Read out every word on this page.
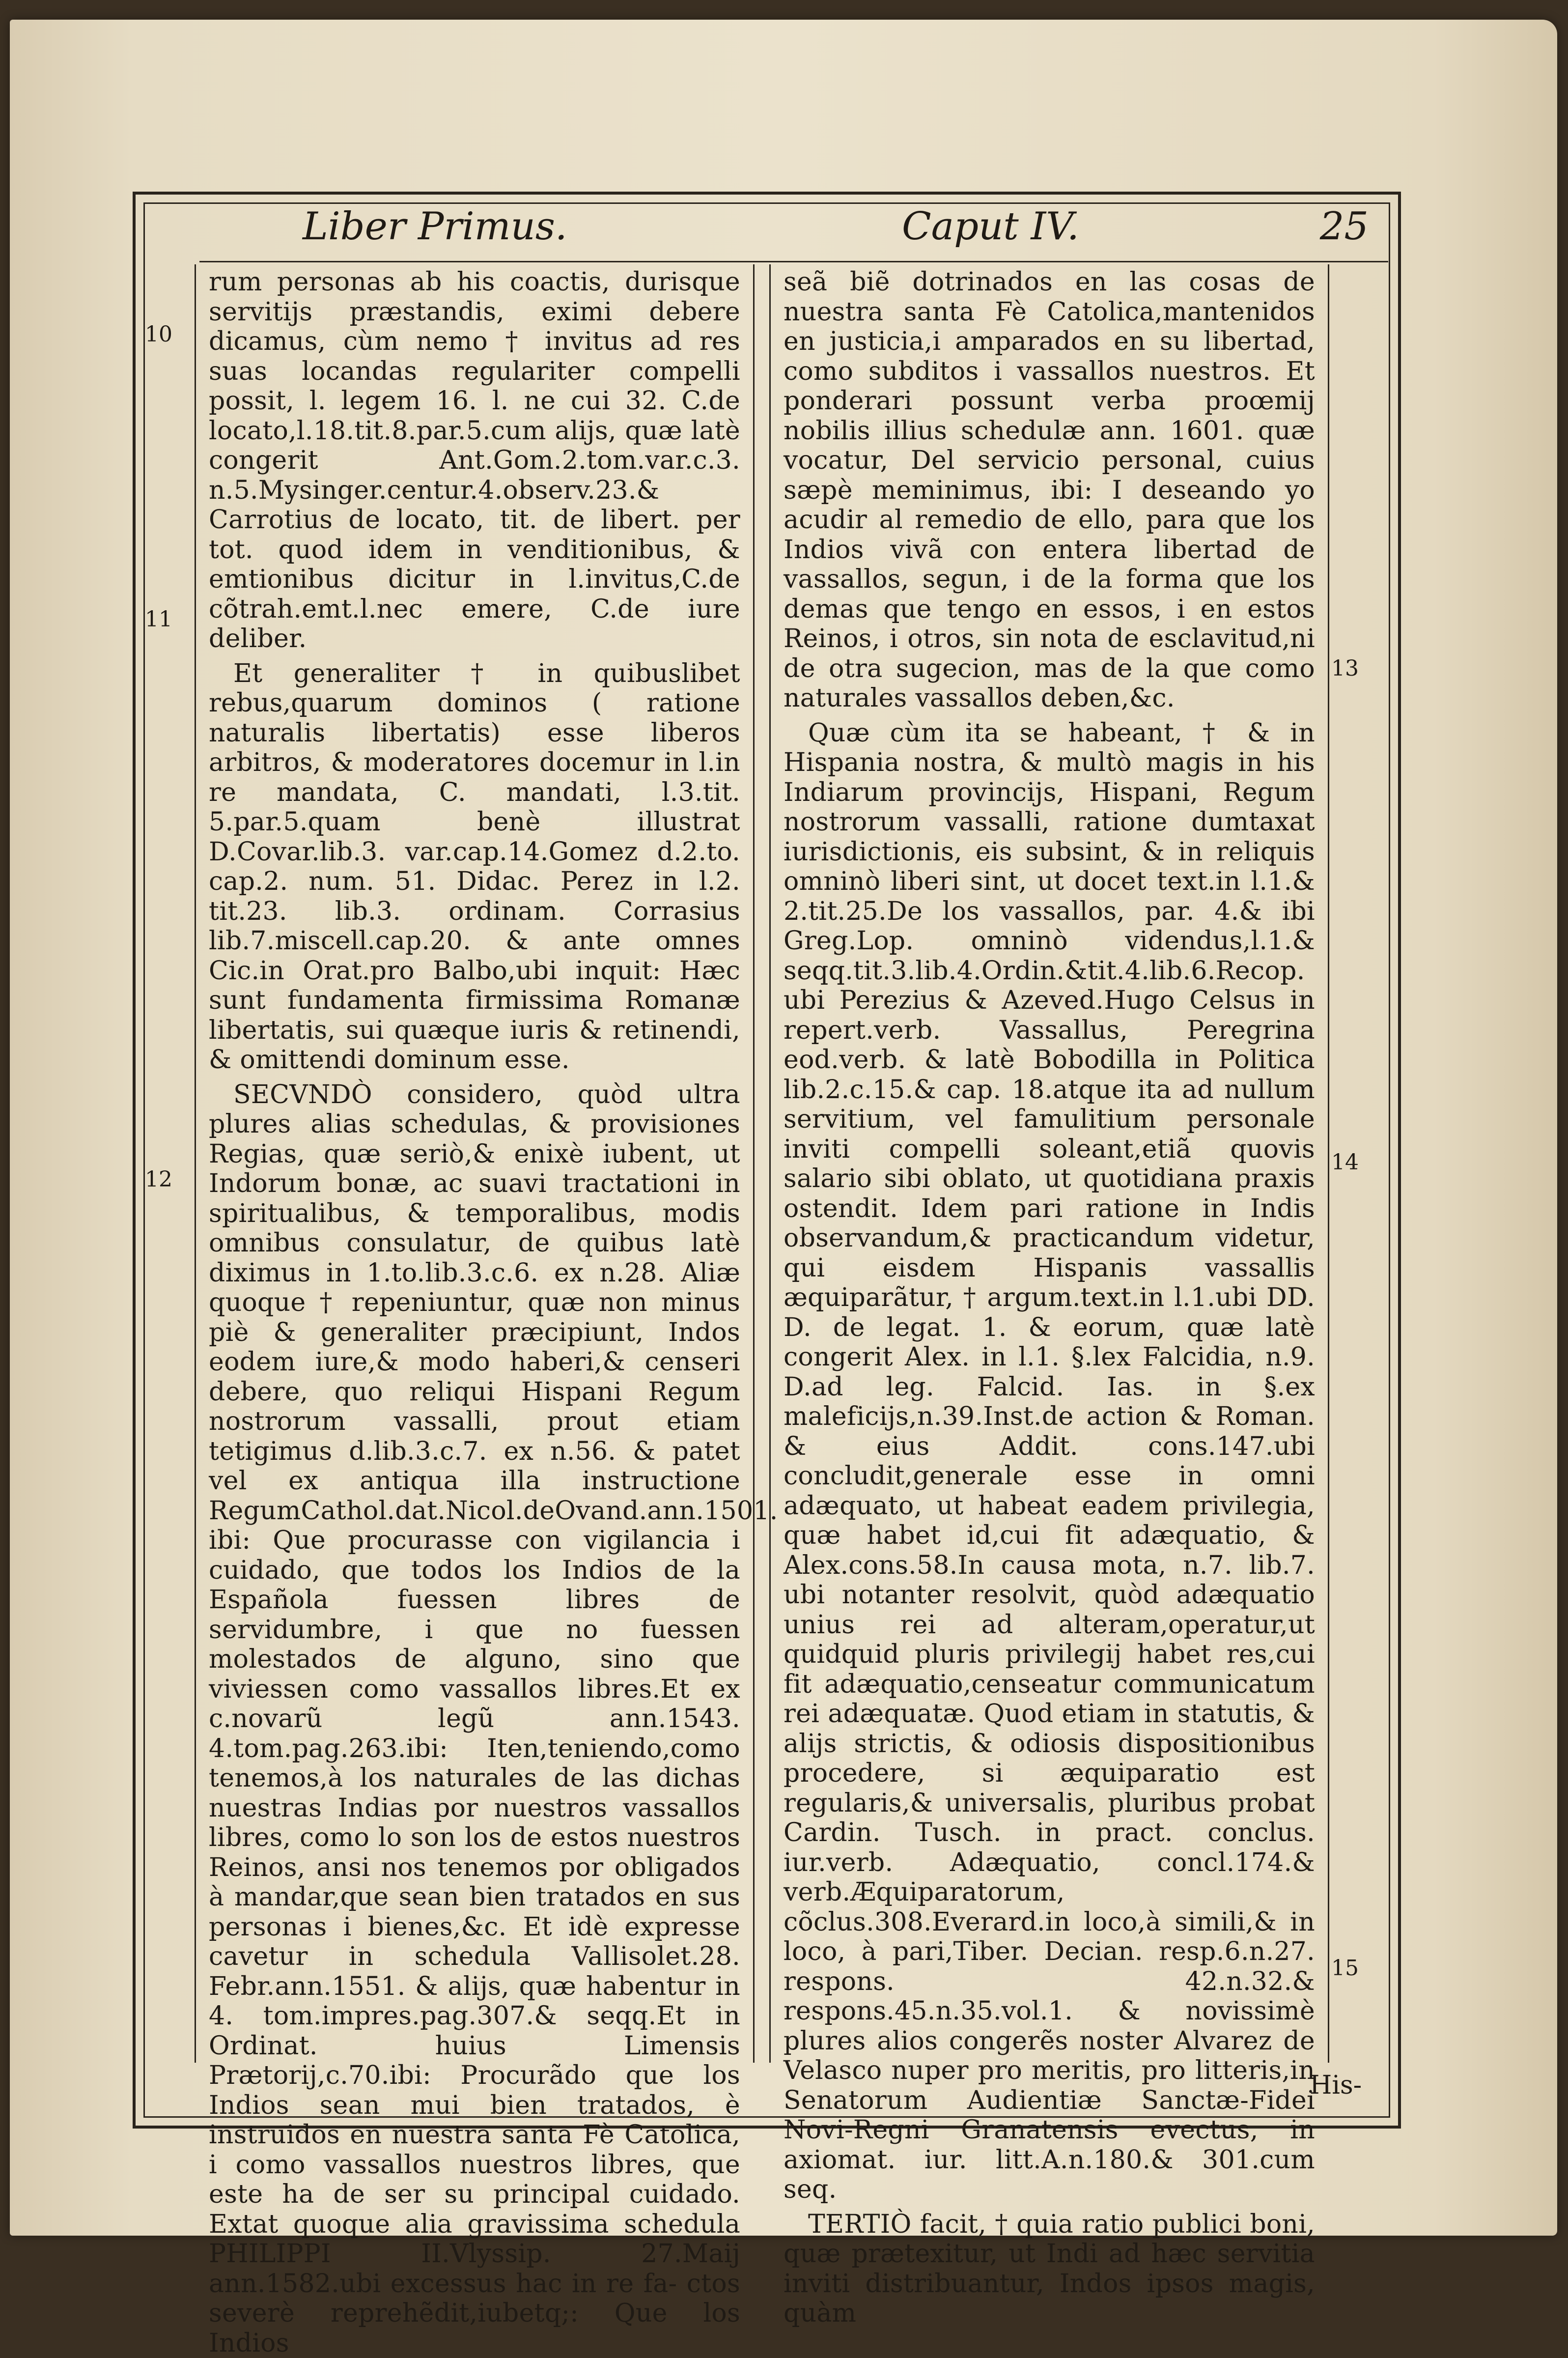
Liber Primus.	Caput IV.	25

rum personas ab his coactis, durisque servitijs præstandis, eximi debere dicamus, cùm nemo † invitus ad res suas locandas regulariter compelli possit, l. legem 16. l. ne cui 32. C.de locato,l.18.tit.8.par.5.cum alijs, quæ latè congerit Ant.Gom.2.tom.var.c.3. n.5.Mysinger.centur.4.observ.23.& Carrotius de locato, tit. de libert. per tot. quod idem in venditionibus, & emtionibus dicitur in l.invitus,C.de cõtrah.emt.l.nec emere, C.de iure deliber.

Et generaliter † in quibuslibet rebus,quarum dominos ( ratione naturalis libertatis) esse liberos arbitros, & moderatores docemur in l.in re mandata, C. mandati, l.3.tit. 5.par.5.quam benè illustrat D.Covar.lib.3. var.cap.14.Gomez d.2.to. cap.2. num. 51. Didac. Perez in l.2. tit.23. lib.3. ordinam. Corrasius lib.7.miscell.cap.20. & ante omnes Cic.in Orat.pro Balbo,ubi inquit: Hæc sunt fundamenta firmissima Romanæ libertatis, sui quæque iuris & retinendi, & omittendi dominum esse.

SECVNDÒ considero, quòd ultra plures alias schedulas, & provisiones Regias, quæ seriò,& enixè iubent, ut Indorum bonæ, ac suavi tractationi in spiritualibus, & temporalibus, modis omnibus consulatur, de quibus latè diximus in 1.to.lib.3.c.6. ex n.28. Aliæ quoque † repeniuntur, quæ non minus piè & generaliter præcipiunt, Indos eodem iure,& modo haberi,& censeri debere, quo reliqui Hispani Regum nostrorum vassalli, prout etiam tetigimus d.lib.3.c.7. ex n.56. & patet vel ex antiqua illa instructione RegumCathol.dat.Nicol.deOvand.ann.1501. ibi: Que procurasse con vigilancia i cuidado, que todos los Indios de la Española fuessen libres de servidumbre, i que no fuessen molestados de alguno, sino que viviessen como vassallos libres.Et ex c.novarũ legũ ann.1543. 4.tom.pag.263.ibi: Iten,teniendo,como tenemos,à los naturales de las dichas nuestras Indias por nuestros vassallos libres, como lo son los de estos nuestros Reinos, ansi nos tenemos por obligados à mandar,que sean bien tratados en sus personas i bienes,&c. Et idè expresse cavetur in schedula Vallisolet.28. Febr.ann.1551. & alijs, quæ habentur in 4. tom.impres.pag.307.& seqq.Et in Ordinat. huius Limensis Prætorij,c.70.ibi: Procurãdo que los Indios sean mui bien tratados, è instruidos en nuestra santa Fè Catolica, i como vassallos nuestros libres, que este ha de ser su principal cuidado. Extat quoque alia gravissima schedula PHILIPPI II.Vlyssip. 27.Maij ann.1582.ubi excessus hac in re fa- ctos severè reprehẽdit,iubetq;: Que los Indios

seã biẽ dotrinados en las cosas de nuestra santa Fè Catolica,mantenidos en justicia,i amparados en su libertad, como subditos i vassallos nuestros. Et ponderari possunt verba proœmij nobilis illius schedulæ ann. 1601. quæ vocatur, Del servicio personal, cuius sæpè meminimus, ibi: I deseando yo acudir al remedio de ello, para que los Indios vivã con entera libertad de vassallos, segun, i de la forma que los demas que tengo en essos, i en estos Reinos, i otros, sin nota de esclavitud,ni de otra sugecion, mas de la que como naturales vassallos deben,&c.

Quæ cùm ita se habeant, † & in Hispania nostra, & multò magis in his Indiarum provincijs, Hispani, Regum nostrorum vassalli, ratione dumtaxat iurisdictionis, eis subsint, & in reliquis omninò liberi sint, ut docet text.in l.1.& 2.tit.25.De los vassallos, par. 4.& ibi Greg.Lop. omninò videndus,l.1.& seqq.tit.3.lib.4.Ordin.&tit.4.lib.6.Recop. ubi Perezius & Azeved.Hugo Celsus in repert.verb. Vassallus, Peregrina eod.verb. & latè Bobodilla in Politica lib.2.c.15.& cap. 18.atque ita ad nullum servitium, vel famulitium personale inviti compelli soleant,etiã quovis salario sibi oblato, ut quotidiana praxis ostendit. Idem pari ratione in Indis observandum,& practicandum videtur, qui eisdem Hispanis vassallis æquiparãtur, † argum.text.in l.1.ubi DD. D. de legat. 1. & eorum, quæ latè congerit Alex. in l.1. §.lex Falcidia, n.9. D.ad leg. Falcid. Ias. in §.ex maleficijs,n.39.Inst.de action & Roman. & eius Addit. cons.147.ubi concludit,generale esse in omni adæquato, ut habeat eadem privilegia, quæ habet id,cui fit adæquatio, & Alex.cons.58.In causa mota, n.7. lib.7. ubi notanter resolvit, quòd adæquatio unius rei ad alteram,operatur,ut quidquid pluris privilegij habet res,cui fit adæquatio,censeatur communicatum rei adæquatæ. Quod etiam in statutis, & alijs strictis, & odiosis dispositionibus procedere, si æquiparatio est regularis,& universalis, pluribus probat Cardin. Tusch. in pract. conclus. iur.verb. Adæquatio, concl.174.& verb.Æquiparatorum, cõclus.308.Everard.in loco,à simili,& in loco, à pari,Tiber. Decian. resp.6.n.27. respons. 42.n.32.& respons.45.n.35.vol.1. & novissimè plures alios congerẽs noster Alvarez de Velasco nuper pro meritis, pro litteris,in Senatorum Audientiæ Sanctæ-Fidei Novi-Regni Granatensis evectus, in axiomat. iur. litt.A.n.180.& 301.cum seq.

TERTIÒ facit, † quia ratio publici boni, quæ prætexitur, ut Indi ad hæc servitia inviti distribuantur, Indos ipsos magis, quàm

His-
10
11
12
13
14
15
